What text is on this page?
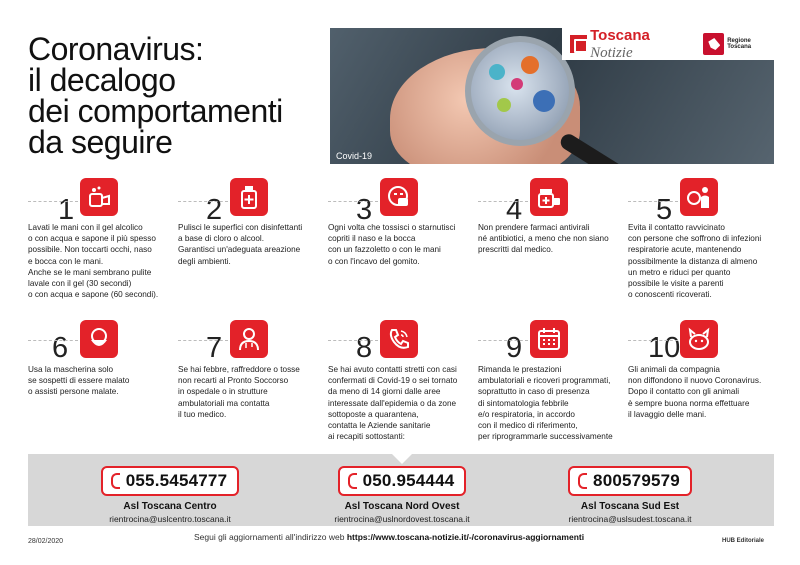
Coronavirus:
il decalogo
dei comportamenti
da seguire	Covid-19
Toscana Notizie
Regione Toscana
1
Lavati le mani con il gel alcolico
o con acqua e sapone il più spesso
possibile. Non toccarti occhi, naso
e bocca con le mani.
Anche se le mani sembrano pulite
lavale con il gel (30 secondi)
o con acqua e sapone (60 secondi).
2
Pulisci le superfici con disinfettanti
a base di cloro o alcool.
Garantisci un'adeguata areazione
degli ambienti.
3
Ogni volta che tossisci o starnutisci
copriti il naso e la bocca
con un fazzoletto o con le mani
o con l'incavo del gomito.
4
Non prendere farmaci antivirali
né antibiotici, a meno che non siano
prescritti dal medico.
5
Evita il contatto ravvicinato
con persone che soffrono di infezioni
respiratorie acute, mantenendo
possibilmente la distanza di almeno
un metro e riduci per quanto
possibile le visite a parenti
o conoscenti ricoverati.
6
Usa la mascherina solo
se sospetti di essere malato
o assisti persone malate.
7
Se hai febbre, raffreddore o tosse
non recarti al Pronto Soccorso
in ospedale o in strutture
ambulatoriali ma contatta
il tuo medico.
8
Se hai avuto contatti stretti con casi
confermati di Covid-19 o sei tornato
da meno di 14 giorni dalle aree
interessate dall'epidemia o da zone
sottoposte a quarantena,
contatta le Aziende sanitarie
ai recapiti sottostanti:
9
Rimanda le prestazioni
ambulatoriali e ricoveri programmati,
soprattutto in caso di presenza
di sintomatologia febbrile
e/o respiratoria, in accordo
con il medico di riferimento,
per riprogrammarle successivamente
10
Gli animali da compagnia
non diffondono il nuovo Coronavirus.
Dopo il contatto con gli animali
è sempre buona norma effettuare
il lavaggio delle mani.
055.5454777
Asl Toscana Centro
rientrocina@uslcentro.toscana.it
050.954444
Asl Toscana Nord Ovest
rientrocina@uslnordovest.toscana.it
800579579
Asl Toscana Sud Est
rientrocina@uslsudest.toscana.it
28/02/2020	Segui gli aggiornamenti all'indirizzo web https://www.toscana-notizie.it/-/coronavirus-aggiornamenti	HUB Editoriale
